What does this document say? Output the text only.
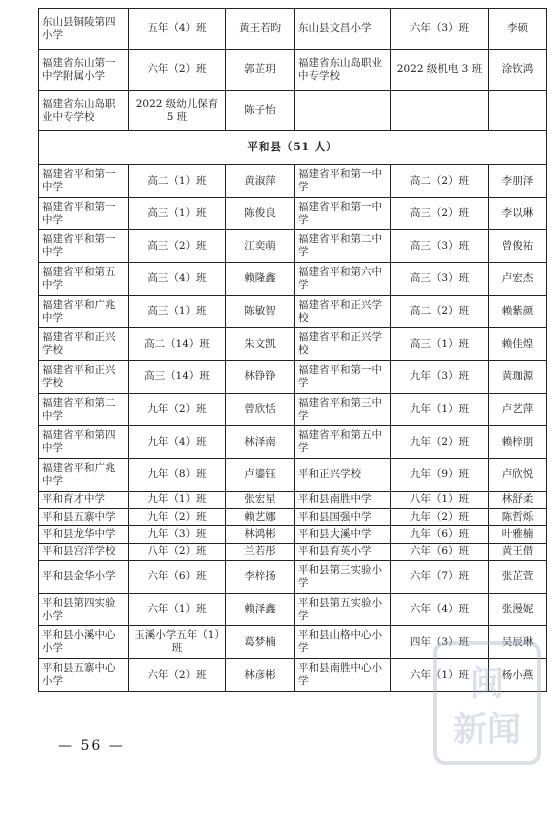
东山县铜陵第四小学	五年（4）班	黄王若昀	东山县文昌小学	六年（3）班	李硕
福建省东山第一中学附属小学	六年（2）班	郭芷玥	福建省东山岛职业中专学校	2022 级机电 3 班	涂钦鸿
福建省东山岛职业中专学校	2022 级幼儿保育 5 班	陈子怡			
平和县（51 人）					
福建省平和第一中学	高二（1）班	黄淑萍	福建省平和第一中学	高二（2）班	李朋泽
福建省平和第一中学	高三（1）班	陈俊良	福建省平和第一中学	高三（2）班	李以琳
福建省平和第一中学	高三（2）班	江奕萌	福建省平和第二中学	高三（3）班	曾俊祐
福建省平和第五中学	高三（4）班	赖隆鑫	福建省平和第六中学	高三（3）班	卢宏杰
福建省平和广兆中学	高三（1）班	陈敏智	福建省平和正兴学校	高二（2）班	赖紫颜
福建省平和正兴学校	高二（14）班	朱文凯	福建省平和正兴学校	高三（1）班	赖佳煌
福建省平和正兴学校	高三（14）班	林铮铮	福建省平和第一中学	九年（3）班	黄珈源
福建省平和第二中学	九年（2）班	曾欣恬	福建省平和第三中学	九年（1）班	卢艺萍
福建省平和第四中学	九年（4）班	林泽南	福建省平和第五中学	九年（2）班	赖梓朋
福建省平和广兆中学	九年（8）班	卢鎏钰	平和正兴学校	九年（9）班	卢欣悦
平和育才中学	九年（1）班	张宏星	平和县南胜中学	八年（1）班	林舒柔
平和县五寨中学	九年（2）班	赖艺娜	平和县国强中学	九年（2）班	陈哲烁
平和县龙华中学	九年（3）班	林鸿彬	平和县大溪中学	九年（6）班	叶雅楠
平和县宫洋学校	八年（2）班	兰若彤	平和县育英小学	六年（6）班	黄王借
平和县金华小学	六年（6）班	李梓扬	平和县第三实验小学	六年（7）班	张芷萱
平和县第四实验小学	六年（1）班	赖泽鑫	平和县第五实验小学	六年（4）班	张漫妮
平和县小溪中心小学	玉溪小学五年（1）班	葛梦楠	平和县山格中心小学	四年（3）班	吴辰琳
平和县五寨中心小学	六年（2）班	林彦彬	平和县南胜中心小学	六年（1）班	杨小燕
— 56 —
闽
新闻
